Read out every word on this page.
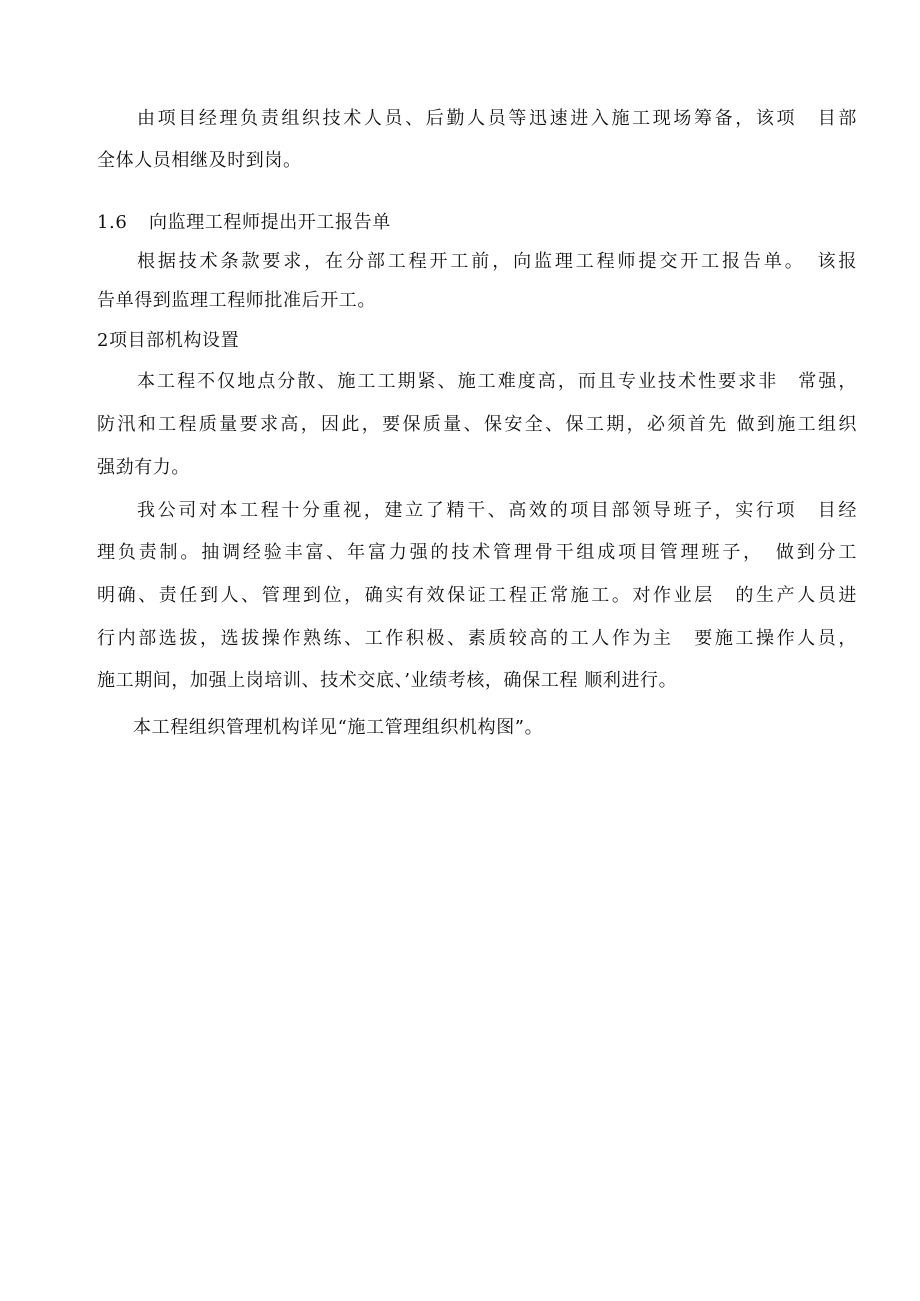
由项目经理负责组织技术人员、后勤人员等迅速进入施工现场筹备，该项　目部
全体人员相继及时到岗。
1.6 向监理工程师提出开工报告单
根据技术条款要求，在分部工程开工前，向监理工程师提交开工报告单。　该报
告单得到监理工程师批准后开工。
2项目部机构设置
本工程不仅地点分散、施工工期紧、施工难度高，而且专业技术性要求非　常强，
防汛和工程质量要求高，因此，要保质量、保安全、保工期，必须首先 做到施工组织
强劲有力。
我公司对本工程十分重视，建立了精干、高效的项目部领导班子，实行项　目经
理负责制。抽调经验丰富、年富力强的技术管理骨干组成项目管理班子，　做到分工
明确、责任到人、管理到位，确实有效保证工程正常施工。对作业层　的生产人员进
行内部选拔，选拔操作熟练、工作积极、素质较高的工人作为主　要施工操作人员，
施工期间，加强上岗培训、技术交底、’业绩考核，确保工程 顺利进行。
本工程组织管理机构详见“施工管理组织机构图”。
